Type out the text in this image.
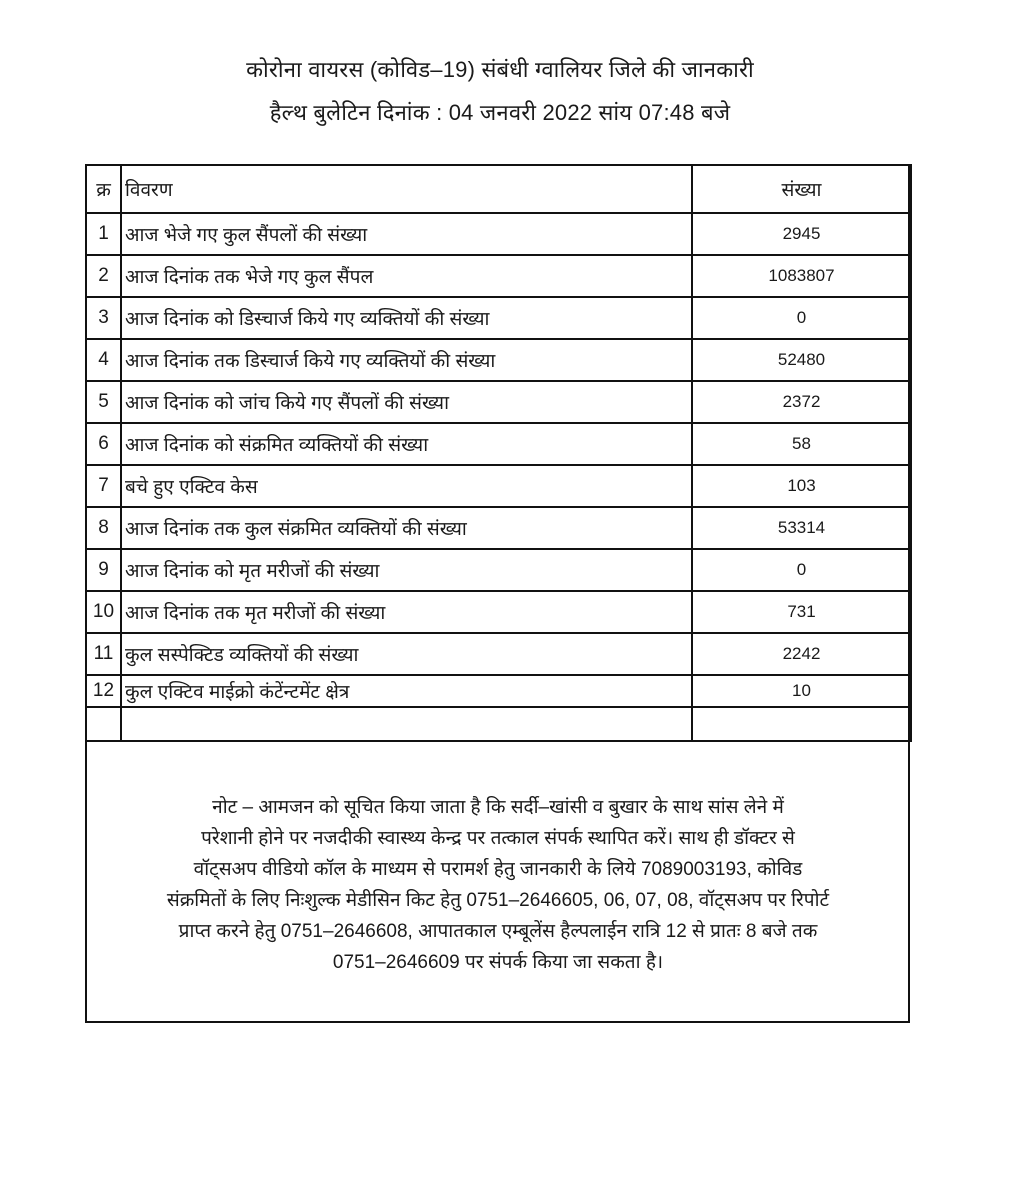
कोरोना वायरस (कोविड–19) संबंधी ग्वालियर जिले की जानकारी
हैल्थ बुलेटिन दिनांक : 04 जनवरी 2022 सांय 07:48 बजे
क्र	विवरण	संख्या
1	आज भेजे गए कुल सैंपलों की संख्या	2945
2	आज दिनांक तक भेजे गए कुल सैंपल	1083807
3	आज दिनांक को डिस्चार्ज किये गए व्यक्तियों की संख्या	0
4	आज दिनांक तक डिस्चार्ज किये गए व्यक्तियों की संख्या	52480
5	आज दिनांक को जांच किये गए सैंपलों की संख्या	2372
6	आज दिनांक को संक्रमित व्यक्तियों की संख्या	58
7	बचे हुए एक्टिव केस	103
8	आज दिनांक तक कुल संक्रमित व्यक्तियों की संख्या	53314
9	आज दिनांक को मृत मरीजों की संख्या	0
10	आज दिनांक तक मृत मरीजों की संख्या	731
11	कुल सस्पेक्टिड व्यक्तियों की संख्या	2242
12	कुल एक्टिव माईक्रो कंटेंन्टमेंट क्षेत्र	10

नोट – आमजन को सूचित किया जाता है कि सर्दी–खांसी व बुखार के साथ सांस लेने में
परेशानी होने पर नजदीकी स्वास्थ्य केन्द्र पर तत्काल संपर्क स्थापित करें। साथ ही डॉक्टर से
वॉट्सअप वीडियो कॉल के माध्यम से परामर्श हेतु जानकारी के लिये 7089003193, कोविड
संक्रमितों के लिए निःशुल्क मेडीसिन किट हेतु 0751–2646605, 06, 07, 08, वॉट्सअप पर रिपोर्ट
प्राप्त करने हेतु 0751–2646608, आपातकाल एम्बूलेंस हैल्पलाईन रात्रि 12 से प्रातः 8 बजे तक
0751–2646609 पर संपर्क किया जा सकता है।
